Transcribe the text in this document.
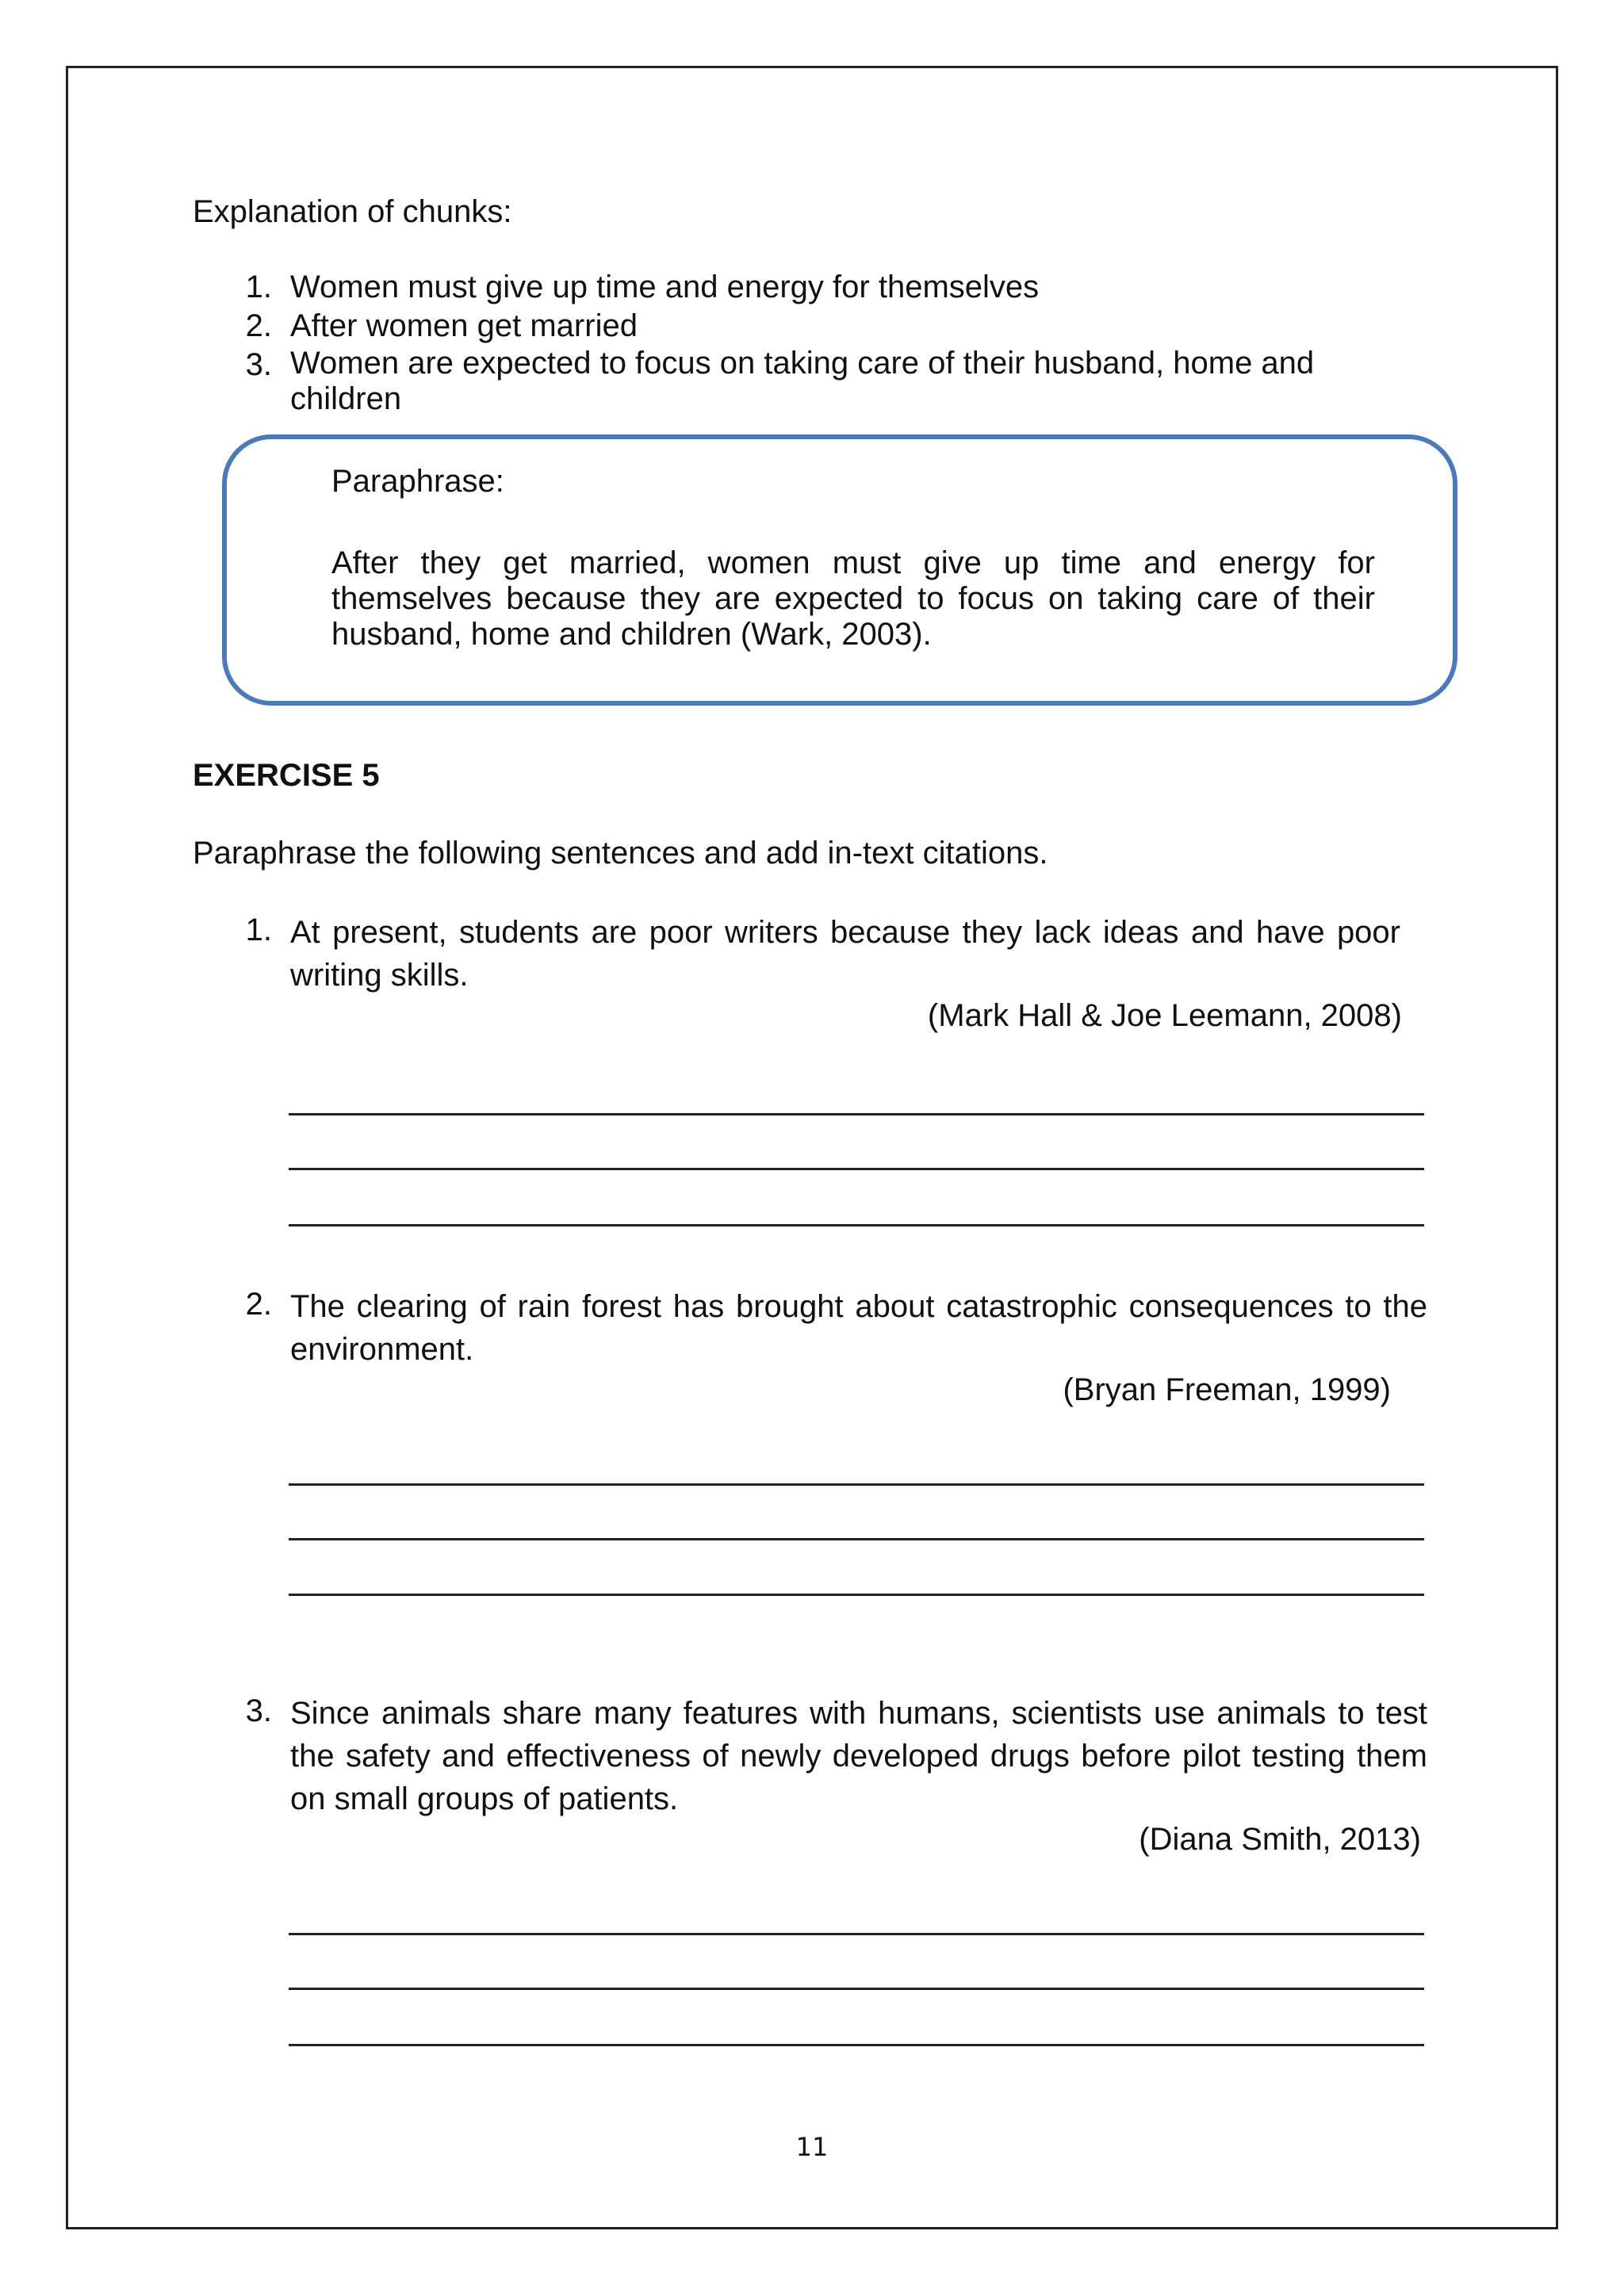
Explanation of chunks:
1. Women must give up time and energy for themselves
2. After women get married
3. Women are expected to focus on taking care of their husband, home and children
Paraphrase:
After they get married, women must give up time and energy for themselves because they are expected to focus on taking care of their husband, home and children (Wark, 2003).
EXERCISE 5
Paraphrase the following sentences and add in-text citations.
1. At present, students are poor writers because they lack ideas and have poor writing skills.
(Mark Hall & Joe Leemann, 2008)
2. The clearing of rain forest has brought about catastrophic consequences to the environment.
(Bryan Freeman, 1999)
3. Since animals share many features with humans, scientists use animals to test the safety and effectiveness of newly developed drugs before pilot testing them on small groups of patients.
(Diana Smith, 2013)
11
